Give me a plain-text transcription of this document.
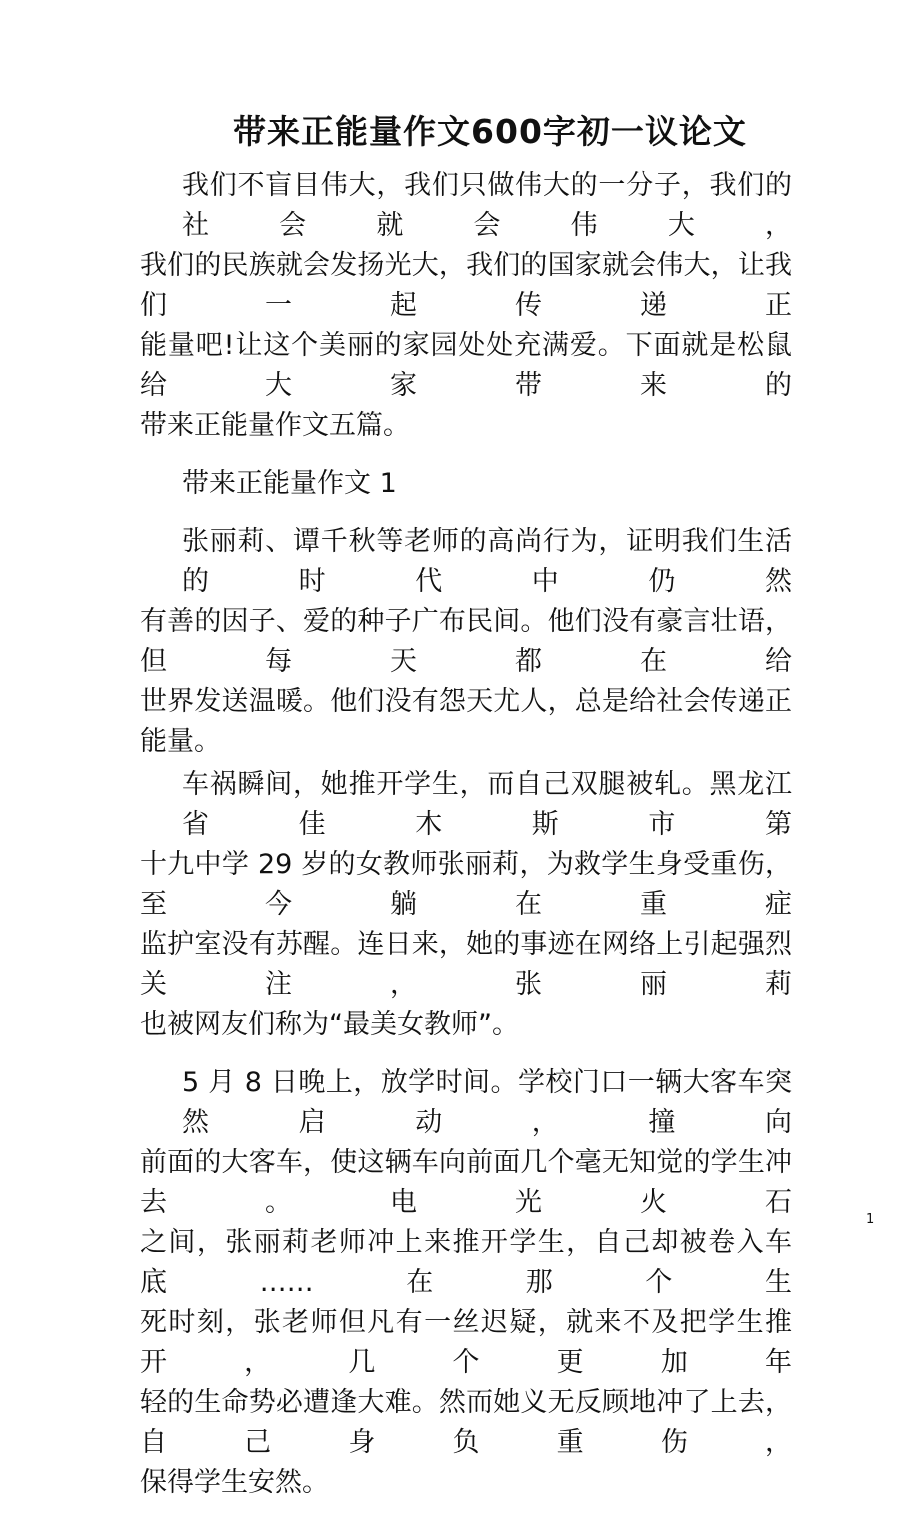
带来正能量作文600字初一议论文
我们不盲目伟大，我们只做伟大的一分子，我们的社会就会伟大，
我们的民族就会发扬光大，我们的国家就会伟大，让我们一起传递正
能量吧!让这个美丽的家园处处充满爱。下面就是松鼠给大家带来的
带来正能量作文五篇。
带来正能量作文 1
张丽莉、谭千秋等老师的高尚行为，证明我们生活的时代中仍然
有善的因子、爱的种子广布民间。他们没有豪言壮语，但每天都在给
世界发送温暖。他们没有怨天尤人，总是给社会传递正能量。
车祸瞬间，她推开学生，而自己双腿被轧。黑龙江省佳木斯市第
十九中学 29 岁的女教师张丽莉，为救学生身受重伤，至今躺在重症
监护室没有苏醒。连日来，她的事迹在网络上引起强烈关注，张丽莉
也被网友们称为“最美女教师”。
5 月 8 日晚上，放学时间。学校门口一辆大客车突然启动，撞向
前面的大客车，使这辆车向前面几个毫无知觉的学生冲去。电光火石
之间，张丽莉老师冲上来推开学生，自己却被卷入车底……在那个生
死时刻，张老师但凡有一丝迟疑，就来不及把学生推开，几个更加年
轻的生命势必遭逢大难。然而她义无反顾地冲了上去，自己身负重伤，
保得学生安然。
1
